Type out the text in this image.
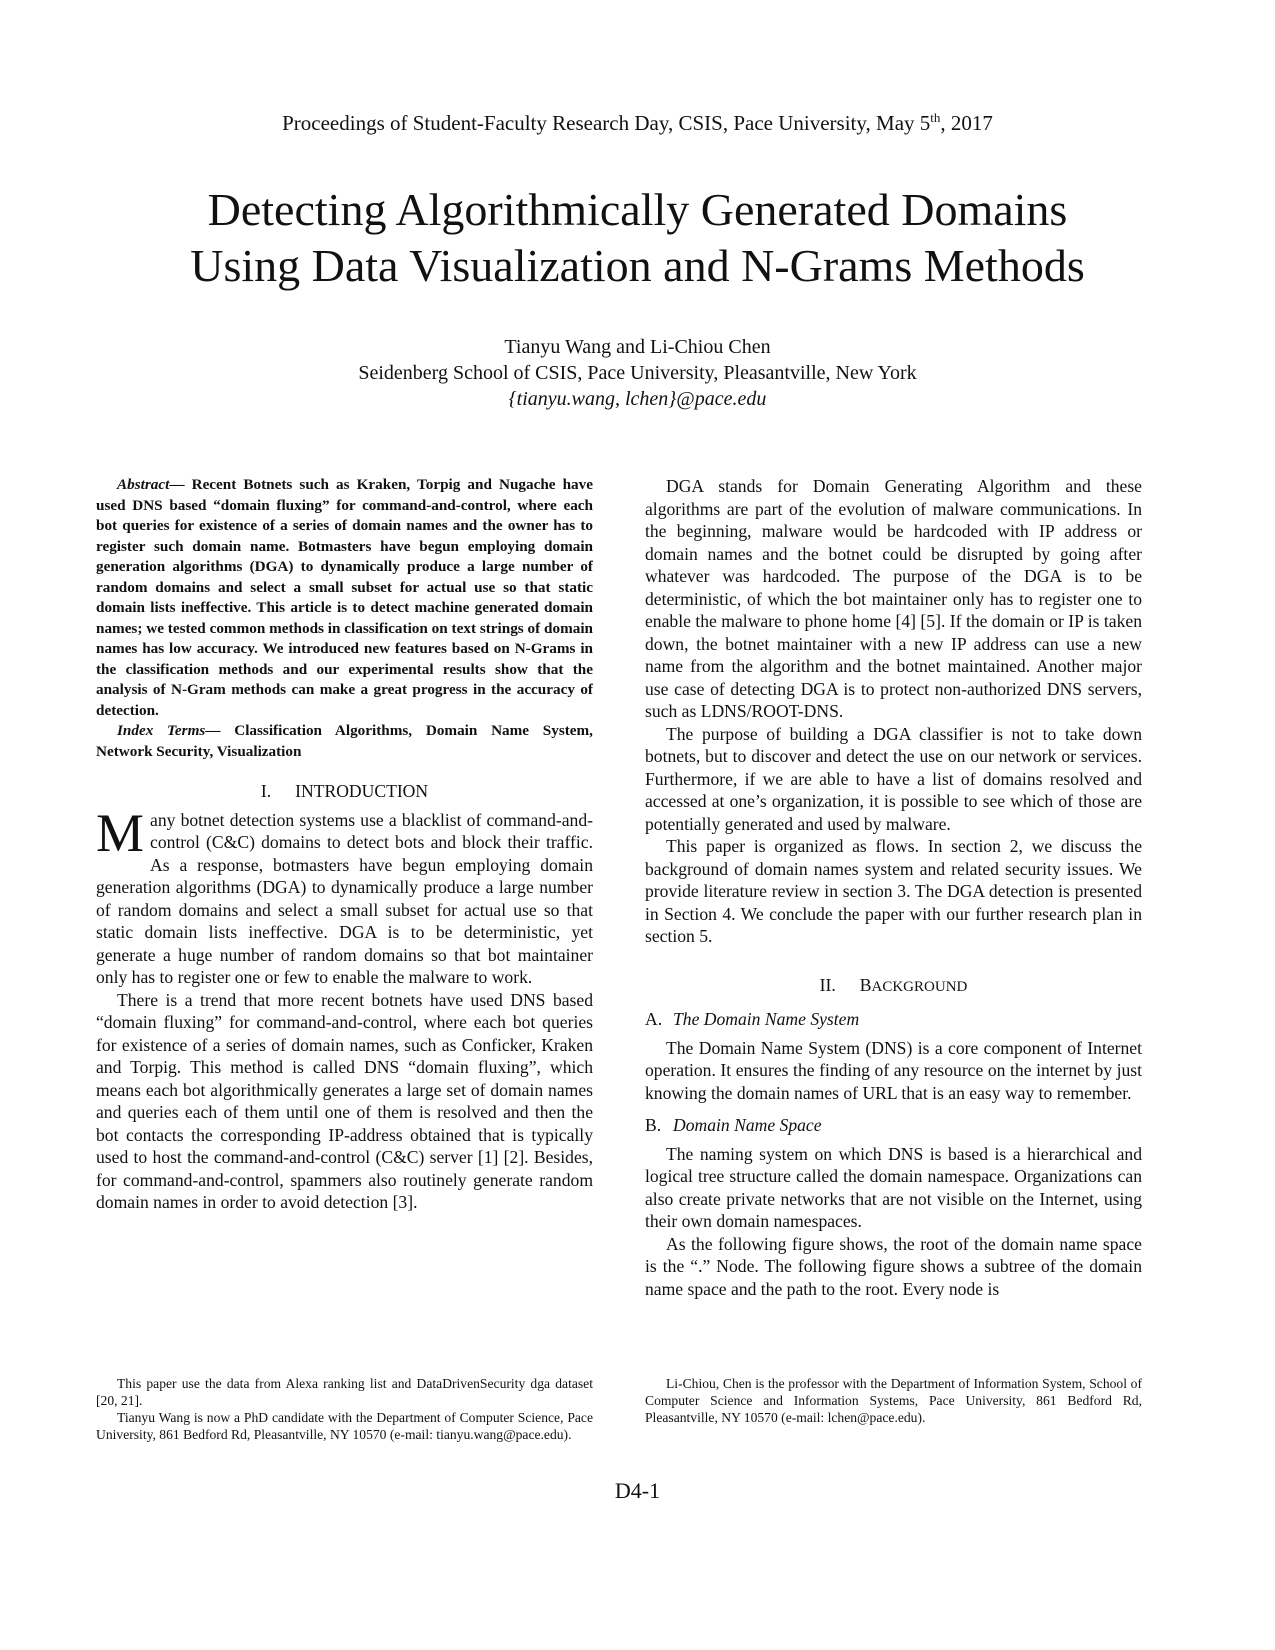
Proceedings of Student-Faculty Research Day, CSIS, Pace University, May 5th, 2017
Detecting Algorithmically Generated Domains
Using Data Visualization and N-Grams Methods
Tianyu Wang and Li-Chiou Chen
Seidenberg School of CSIS, Pace University, Pleasantville, New York
{tianyu.wang, lchen}@pace.edu

Abstract— Recent Botnets such as Kraken, Torpig and Nugache have used DNS based “domain fluxing” for command-and-control, where each bot queries for existence of a series of domain names and the owner has to register such domain name. Botmasters have begun employing domain generation algorithms (DGA) to dynamically produce a large number of random domains and select a small subset for actual use so that static domain lists ineffective. This article is to detect machine generated domain names; we tested common methods in classification on text strings of domain names has low accuracy. We introduced new features based on N-Grams in the classification methods and our experimental results show that the analysis of N-Gram methods can make a great progress in the accuracy of detection.

Index Terms— Classification Algorithms, Domain Name System, Network Security, Visualization

I. INTRODUCTION

Many botnet detection systems use a blacklist of command-and-control (C&C) domains to detect bots and block their traffic. As a response, botmasters have begun employing domain generation algorithms (DGA) to dynamically produce a large number of random domains and select a small subset for actual use so that static domain lists ineffective. DGA is to be deterministic, yet generate a huge number of random domains so that bot maintainer only has to register one or few to enable the malware to work.

There is a trend that more recent botnets have used DNS based “domain fluxing” for command-and-control, where each bot queries for existence of a series of domain names, such as Conficker, Kraken and Torpig. This method is called DNS “domain fluxing”, which means each bot algorithmically generates a large set of domain names and queries each of them until one of them is resolved and then the bot contacts the corresponding IP-address obtained that is typically used to host the command-and-control (C&C) server [1] [2]. Besides, for command-and-control, spammers also routinely generate random domain names in order to avoid detection [3].

DGA stands for Domain Generating Algorithm and these algorithms are part of the evolution of malware communications. In the beginning, malware would be hardcoded with IP address or domain names and the botnet could be disrupted by going after whatever was hardcoded. The purpose of the DGA is to be deterministic, of which the bot maintainer only has to register one to enable the malware to phone home [4] [5]. If the domain or IP is taken down, the botnet maintainer with a new IP address can use a new name from the algorithm and the botnet maintained. Another major use case of detecting DGA is to protect non-authorized DNS servers, such as LDNS/ROOT-DNS.

The purpose of building a DGA classifier is not to take down botnets, but to discover and detect the use on our network or services. Furthermore, if we are able to have a list of domains resolved and accessed at one’s organization, it is possible to see which of those are potentially generated and used by malware.

This paper is organized as flows. In section 2, we discuss the background of domain names system and related security issues. We provide literature review in section 3. The DGA detection is presented in Section 4. We conclude the paper with our further research plan in section 5.

II. BACKGROUND
A. The Domain Name System

The Domain Name System (DNS) is a core component of Internet operation. It ensures the finding of any resource on the internet by just knowing the domain names of URL that is an easy way to remember.

B. Domain Name Space

The naming system on which DNS is based is a hierarchical and logical tree structure called the domain namespace. Organizations can also create private networks that are not visible on the Internet, using their own domain namespaces.

As the following figure shows, the root of the domain name space is the “.” Node. The following figure shows a subtree of the domain name space and the path to the root. Every node is

This paper use the data from Alexa ranking list and DataDrivenSecurity dga dataset [20, 21].

Tianyu Wang is now a PhD candidate with the Department of Computer Science, Pace University, 861 Bedford Rd, Pleasantville, NY 10570 (e-mail: tianyu.wang@pace.edu).

Li-Chiou, Chen is the professor with the Department of Information System, School of Computer Science and Information Systems, Pace University, 861 Bedford Rd, Pleasantville, NY 10570 (e-mail: lchen@pace.edu).

D4-1
